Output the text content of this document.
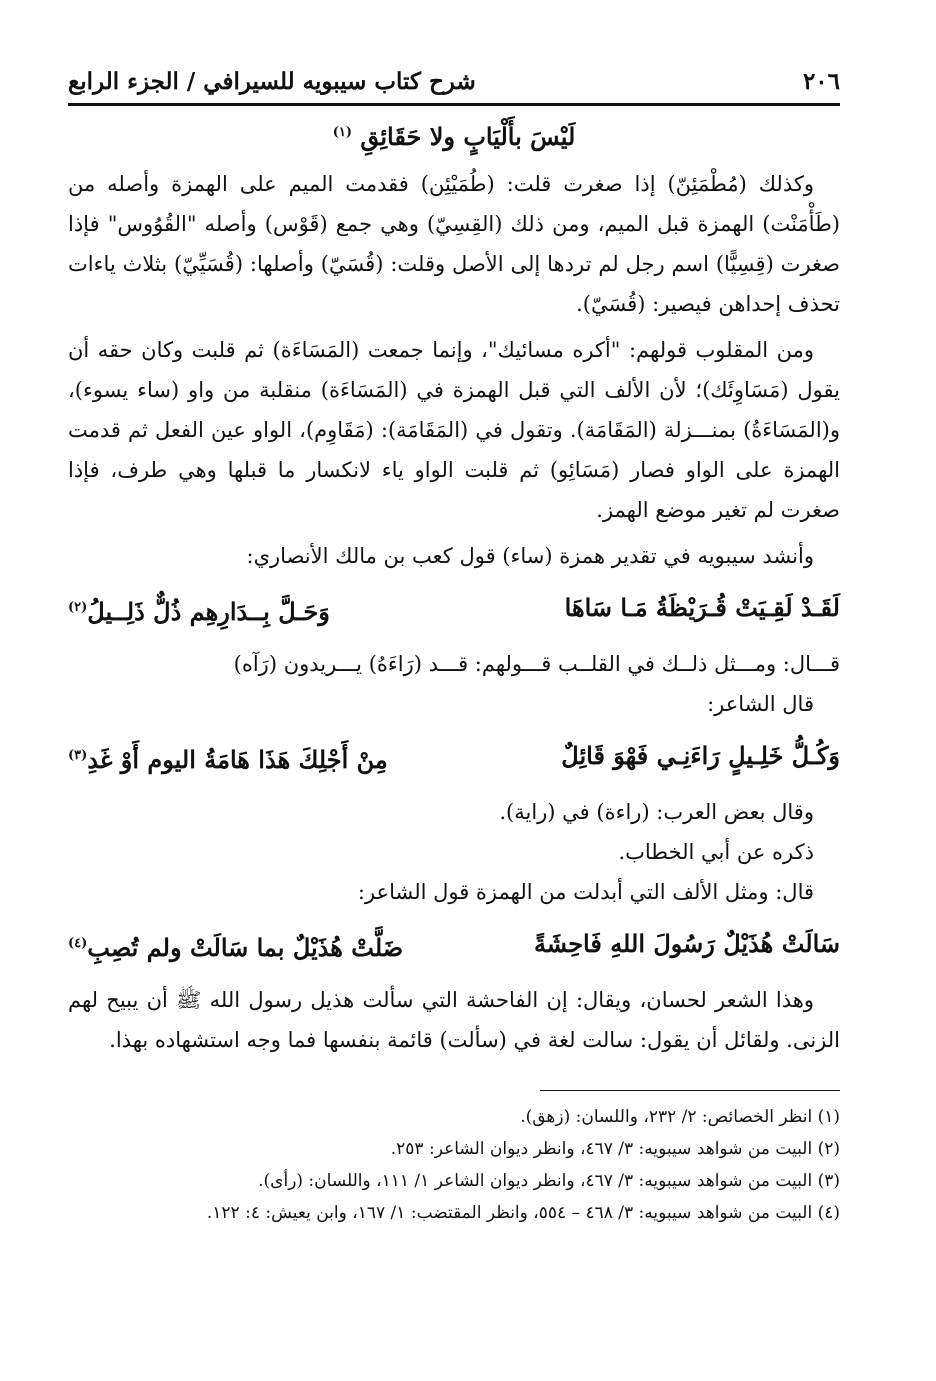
٢٠٦
شرح كتاب سيبويه للسيرافي / الجزء الرابع

لَيْسَ بأَلْيَابٍ ولا حَقَائِقِ $^{(١)}$

وكذلك (مُطْمَئِنّ) إذا صغرت قلت: (طُمَيْئِن) فقدمت الميم على الهمزة وأصله من (طَأْمَنْت) الهمزة قبل الميم، ومن ذلك (القِسِيّ) وهي جمع (قَوْس) وأصله "القُوُوس" فإذا صغرت (قِسِيًّا) اسم رجل لم تردها إلى الأصل وقلت: (قُسَيّ) وأصلها: (قُسَيِّيّ) بثلاث ياءات تحذف إحداهن فيصير: (قُسَيّ).

ومن المقلوب قولهم: "أكره مسائيك"، وإنما جمعت (المَسَاءَة) ثم قلبت وكان حقه أن يقول (مَسَاوِئَك)؛ لأن الألف التي قبل الهمزة في (المَسَاءَة) منقلبة من واو (ساء يسوء)، و(المَسَاءَةُ) بمنـــزلة (المَقَامَة). وتقول في (المَقَامَة): (مَقَاوِم)، الواو عين الفعل ثم قدمت الهمزة على الواو فصار (مَسَائِو) ثم قلبت الواو ياء لانكسار ما قبلها وهي طرف، فإذا صغرت لم تغير موضع الهمز.

وأنشد سيبويه في تقدير همزة (ساء) قول كعب بن مالك الأنصاري:

لَقَـدْ لَقِـيَتْ قُـرَيْظَةُ مَـا سَاهَا
وَحَـلَّ بِــدَارِهِم ذُلٌّ ذَلِــيلُ$^{(٢)}$

قـــال: ومـــثل ذلــك في القلــب قـــولهم: قـــد (رَاءَهُ) يـــريدون (رَآه)

قال الشاعر:

وَكُـلُّ خَلِـيلٍ رَاءَنِـي فَهْوَ قَائِلٌ
مِنْ أَجْلِكَ هَذَا هَامَةُ اليوم أَوْ غَدِ$^{(٣)}$

وقال بعض العرب: (راءة) في (راية).

ذكره عن أبي الخطاب.

قال: ومثل الألف التي أبدلت من الهمزة قول الشاعر:

سَالَتْ هُذَيْلٌ رَسُولَ اللهِ فَاحِشَةً
ضَلَّتْ هُذَيْلٌ بما سَالَتْ ولم تُصِبِ$^{(٤)}$

وهذا الشعر لحسان، ويقال: إن الفاحشة التي سألت هذيل رسول الله ﷺ أن يبيح لهم الزنى. ولقائل أن يقول: سالت لغة في (سألت) قائمة بنفسها فما وجه استشهاده بهذا.

(١) انظر الخصائص: ٢/ ٢٣٢، واللسان: (زهق).

(٢) البيت من شواهد سيبويه: ٣/ ٤٦٧، وانظر ديوان الشاعر: ٢٥٣.

(٣) البيت من شواهد سيبويه: ٣/ ٤٦٧، وانظر ديوان الشاعر ١/ ١١١، واللسان: (رأى).

(٤) البيت من شواهد سيبويه: ٣/ ٤٦٨ – ٥٥٤، وانظر المقتضب: ١/ ١٦٧، وابن يعيش: ٤: ١٢٢.
